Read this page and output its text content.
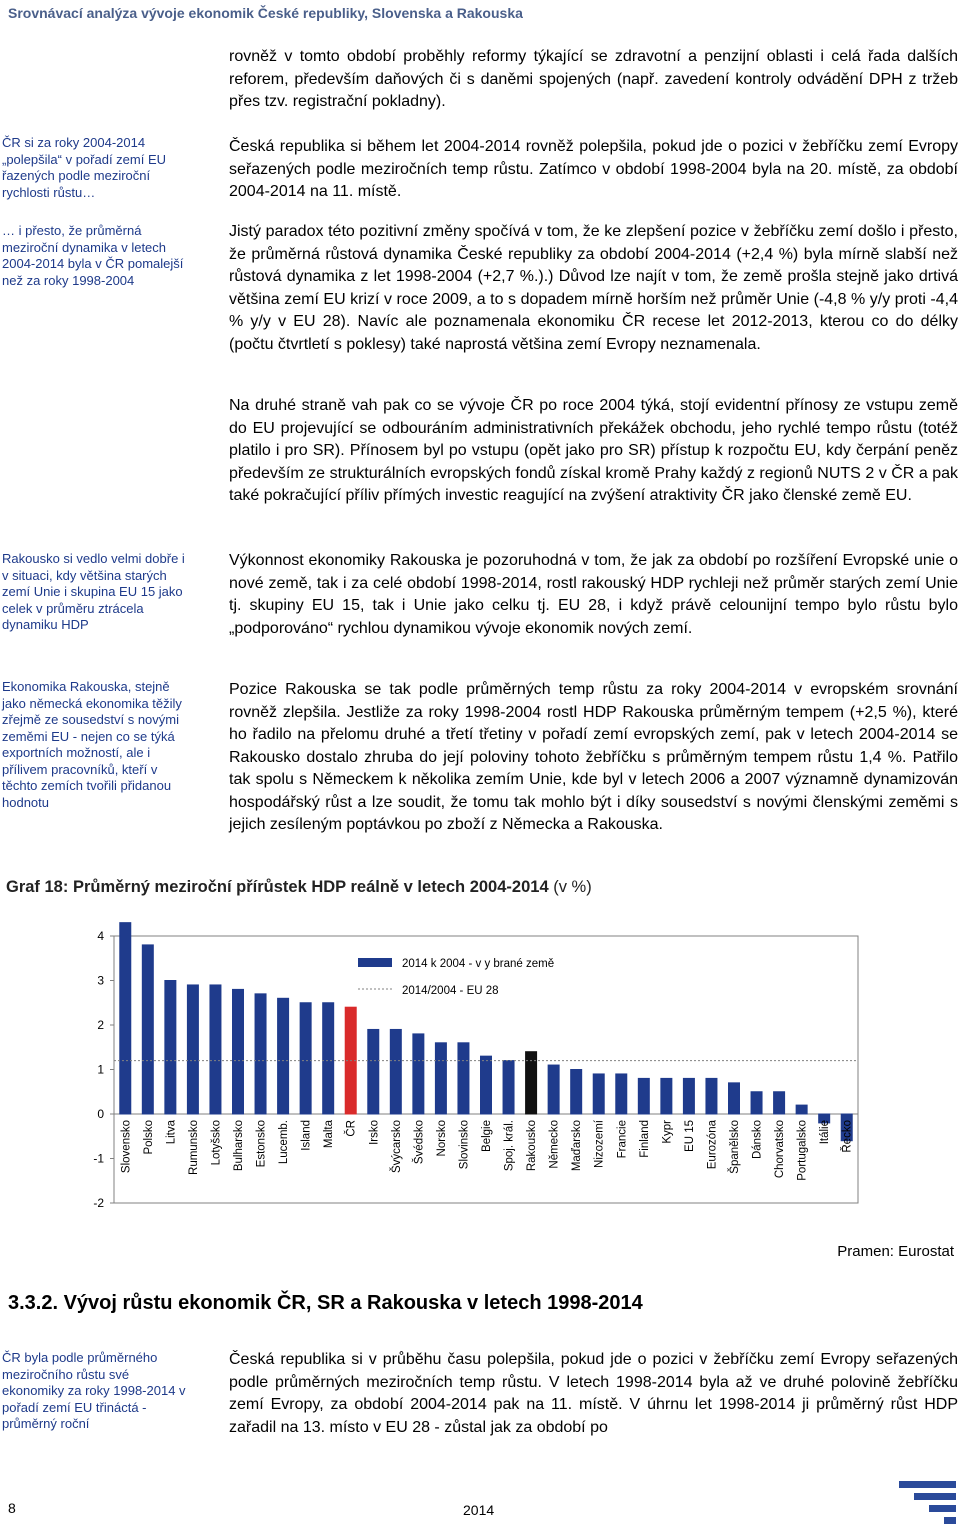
Srovnávací analýza vývoje ekonomik České republiky, Slovenska a Rakouska
ČR si za roky 2004-2014 „polepšila“ v pořadí zemí EU řazených podle meziroční rychlosti růstu…
… i přesto, že průměrná meziroční dynamika v letech 2004-2014 byla v ČR pomalejší než za roky 1998-2004
Rakousko si vedlo velmi dobře i v situaci, kdy většina starých zemí Unie i skupina EU 15 jako celek v průměru ztrácela dynamiku HDP
Ekonomika Rakouska, stejně jako německá ekonomika těžily zřejmě ze sousedství s novými zeměmi EU - nejen co se týká exportních možností, ale i přílivem pracovníků, kteří v těchto zemích tvořili přidanou hodnotu
ČR byla podle průměrného meziročního růstu své ekonomiky za roky 1998-2014 v pořadí zemí EU třináctá - průměrný roční

rovněž v tomto období proběhly reformy týkající se zdravotní a penzijní oblasti i celá řada dalších reforem, především daňových či s daněmi spojených (např. zavedení kontroly odvádění DPH z tržeb přes tzv. registrační pokladny).

Česká republika si během let 2004-2014 rovněž polepšila, pokud jde o pozici v žebříčku zemí Evropy seřazených podle meziročních temp růstu. Zatímco v období 1998-2004 byla na 20. místě, za období 2004-2014 na 11. místě.

Jistý paradox této pozitivní změny spočívá v tom, že ke zlepšení pozice v žebříčku zemí došlo i přesto, že průměrná růstová dynamika České republiky za období 2004-2014 (+2,4 %) byla mírně slabší než růstová dynamika z let 1998-2004 (+2,7 %.).) Důvod lze najít v tom, že země prošla stejně jako drtivá většina zemí EU krizí v roce 2009, a to s dopadem mírně horším než průměr Unie (-4,8 % y/y proti -4,4 % y/y v EU 28). Navíc ale poznamenala ekonomiku ČR recese let 2012-2013, kterou co do délky (počtu čtvrtletí s poklesy) také naprostá většina zemí Evropy neznamenala.

Na druhé straně vah pak co se vývoje ČR po roce 2004 týká, stojí evidentní přínosy ze vstupu země do EU projevující se odbouráním administrativních překážek obchodu, jeho rychlé tempo růstu (totéž platilo i pro SR). Přínosem byl po vstupu (opět jako pro SR) přístup k rozpočtu EU, kdy čerpání peněz především ze strukturálních evropských fondů získal kromě Prahy každý z regionů NUTS 2 v ČR a pak také pokračující příliv přímých investic reagující na zvýšení atraktivity ČR jako členské země EU.

Výkonnost ekonomiky Rakouska je pozoruhodná v tom, že jak za období po rozšíření Evropské unie o nové země, tak i za celé období 1998-2014, rostl rakouský HDP rychleji než průměr starých zemí Unie tj. skupiny EU 15, tak i Unie jako celku tj. EU 28, i když právě celounijní tempo bylo růstu bylo „podporováno“ rychlou dynamikou vývoje ekonomik nových zemí.

Pozice Rakouska se tak podle průměrných temp růstu za roky 2004-2014 v evropském srovnání rovněž zlepšila. Jestliže za roky 1998-2004 rostl HDP Rakouska průměrným tempem (+2,5 %), které ho řadilo na přelomu druhé a třetí třetiny v pořadí zemí evropských zemí, pak v letech 2004-2014 se Rakousko dostalo zhruba do její poloviny tohoto žebříčku s průměrným tempem růstu 1,4 %. Patřilo tak spolu s Německem k několika zemím Unie, kde byl v letech 2006 a 2007 významně dynamizován hospodářský růst a lze soudit, že tomu tak mohlo být i díky sousedství s novými členskými zeměmi s jejich zesíleným poptávkou po zboží z Německa a Rakouska.

Graf 18: Průměrný meziroční přírůstek HDP reálně v letech 2004-2014 (v %)
4
3
2
1
0
-1
-2
Slovensko Polsko Litva Rumunsko Lotyšsko Bulharsko Estonsko Lucemb. Island Malta ČR Irsko Švýcarsko Švédsko Norsko Slovinsko Belgie Spoj. král. Rakousko Německo Maďarsko Nizozemí Francie Finland Kypr EU 15 Eurozóna Španělsko Dánsko Chorvatsko Portugalsko Itálie Řecko
2014 k 2004 - v y brané země
2014/2004 - EU 28
Pramen: Eurostat
3.3.2. Vývoj růstu ekonomik ČR, SR a Rakouska v letech 1998-2014

Česká republika si v průběhu času polepšila, pokud jde o pozici v žebříčku zemí Evropy seřazených podle průměrných meziročních temp růstu. V letech 1998-2014 byla až ve druhé polovině žebříčku zemí Evropy, za období 2004-2014 pak na 11. místě. V úhrnu let 1998-2014 ji průměrný růst HDP zařadil na 13. místo v EU 28 - zůstal jak za období po

8	2014
